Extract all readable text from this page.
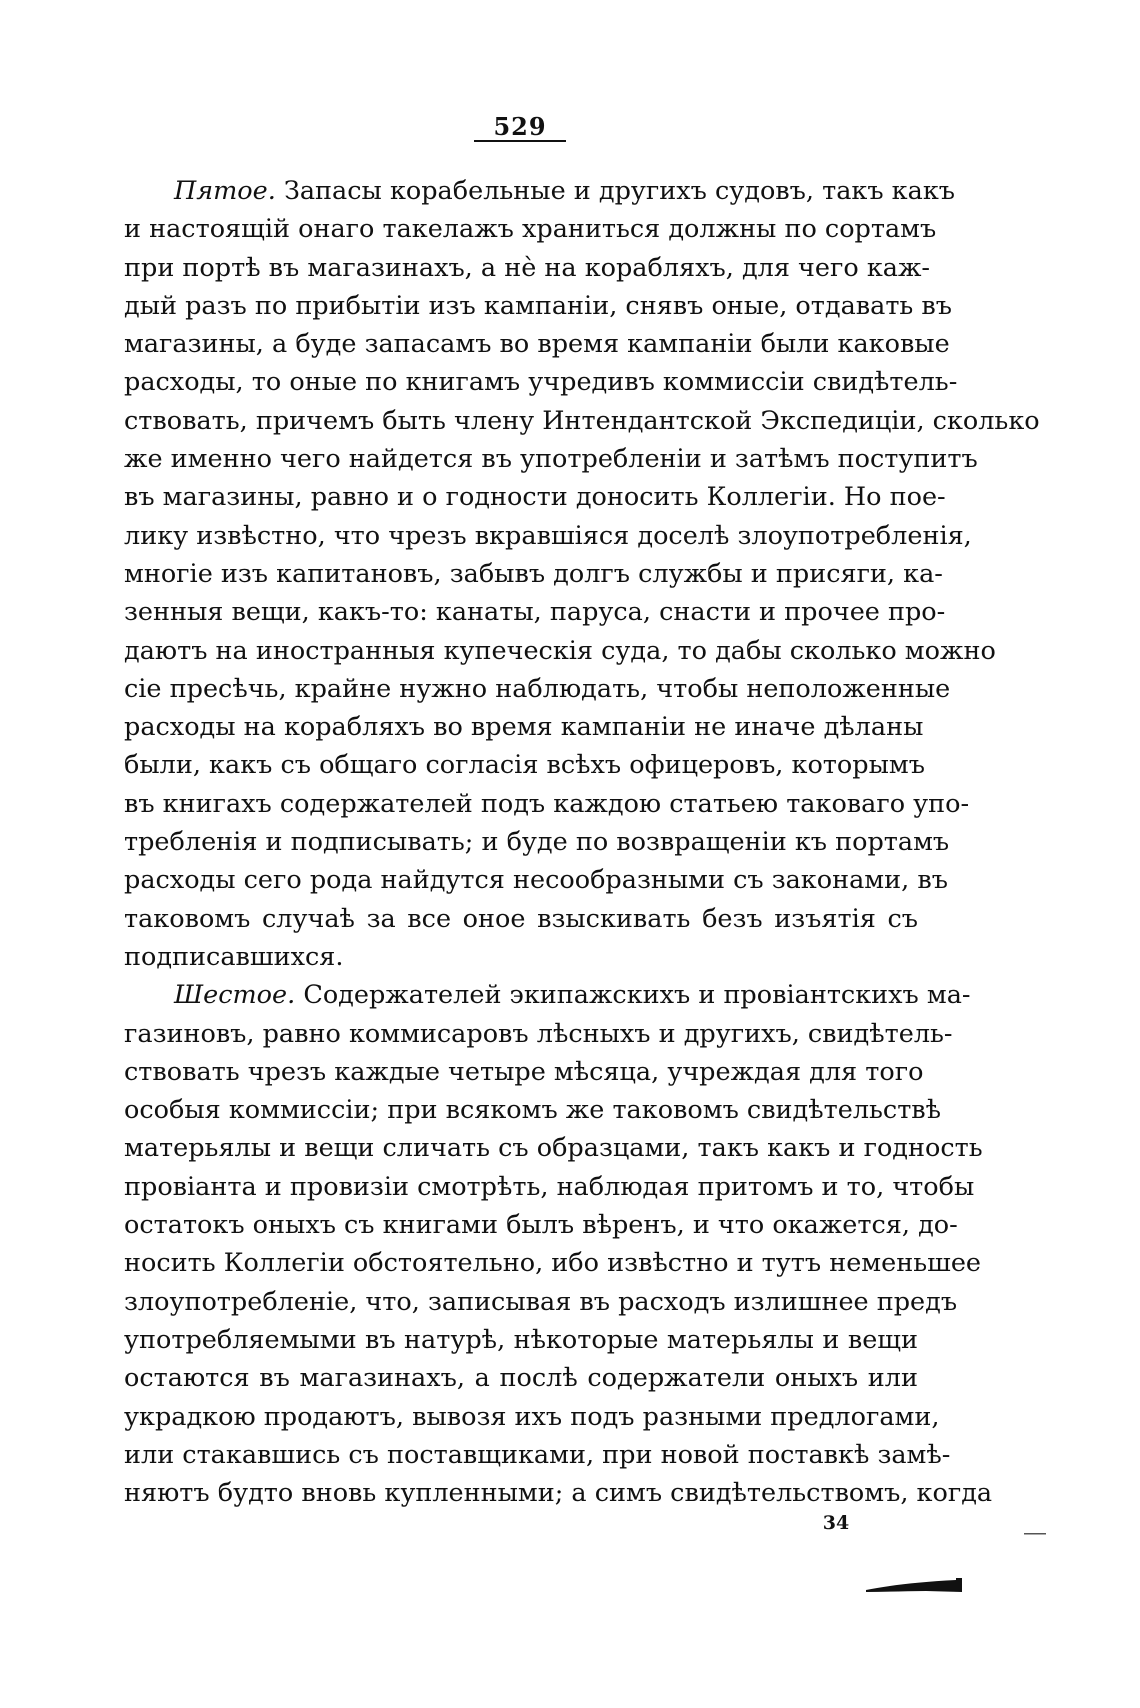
529
Пятое. Запасы корабельные и другихъ судовъ, такъ какъ
и настоящій онаго такелажъ храниться должны по сортамъ
при портѣ въ магазинахъ, а нѐ на корабляхъ, для чего каж-
дый разъ по прибытіи изъ кампаніи, снявъ оные, отдавать въ
магазины, а буде запасамъ во время кампаніи были каковые
расходы, то оные по книгамъ учредивъ коммиссіи свидѣтель-
ствовать, причемъ быть члену Интендантской Экспедиціи, сколько
же именно чего найдется въ употребленіи и затѣмъ поступитъ
въ магазины, равно и о годности доносить Коллегіи. Но пое-
лику извѣстно, что чрезъ вкравшіяся доселѣ злоупотребленія,
многіе изъ капитановъ, забывъ долгъ службы и присяги, ка-
зенныя вещи, какъ-то: канаты, паруса, снасти и прочее про-
даютъ на иностранныя купеческія суда, то дабы сколько можно
сіе пресѣчь, крайне нужно наблюдать, чтобы неположенные
расходы на корабляхъ во время кампаніи не иначе дѣланы
были, какъ съ общаго согласія всѣхъ офицеровъ, которымъ
въ книгахъ содержателей подъ каждою статьею таковаго упо-
требленія и подписывать; и буде по возвращеніи къ портамъ
расходы сего рода найдутся несообразными съ законами, въ
таковомъ случаѣ за все оное взыскивать безъ изъятія съ
подписавшихся.
Шестое. Содержателей экипажскихъ и провіантскихъ ма-
газиновъ, равно коммисаровъ лѣсныхъ и другихъ, свидѣтель-
ствовать чрезъ каждые четыре мѣсяца, учреждая для того
особыя коммиссіи; при всякомъ же таковомъ свидѣтельствѣ
матерьялы и вещи сличать съ образцами, такъ какъ и годность
провіанта и провизіи смотрѣть, наблюдая притомъ и то, чтобы
остатокъ оныхъ съ книгами былъ вѣренъ, и что окажется, до-
носить Коллегіи обстоятельно, ибо извѣстно и тутъ неменьшее
злоупотребленіе, что, записывая въ расходъ излишнее предъ
употребляемыми въ натурѣ, нѣкоторые матерьялы и вещи
остаются въ магазинахъ, а послѣ содержатели оныхъ или
украдкою продаютъ, вывозя ихъ подъ разными предлогами,
или стакавшись съ поставщиками, при новой поставкѣ замѣ-
няютъ будто вновь купленными; а симъ свидѣтельствомъ, когда
34
